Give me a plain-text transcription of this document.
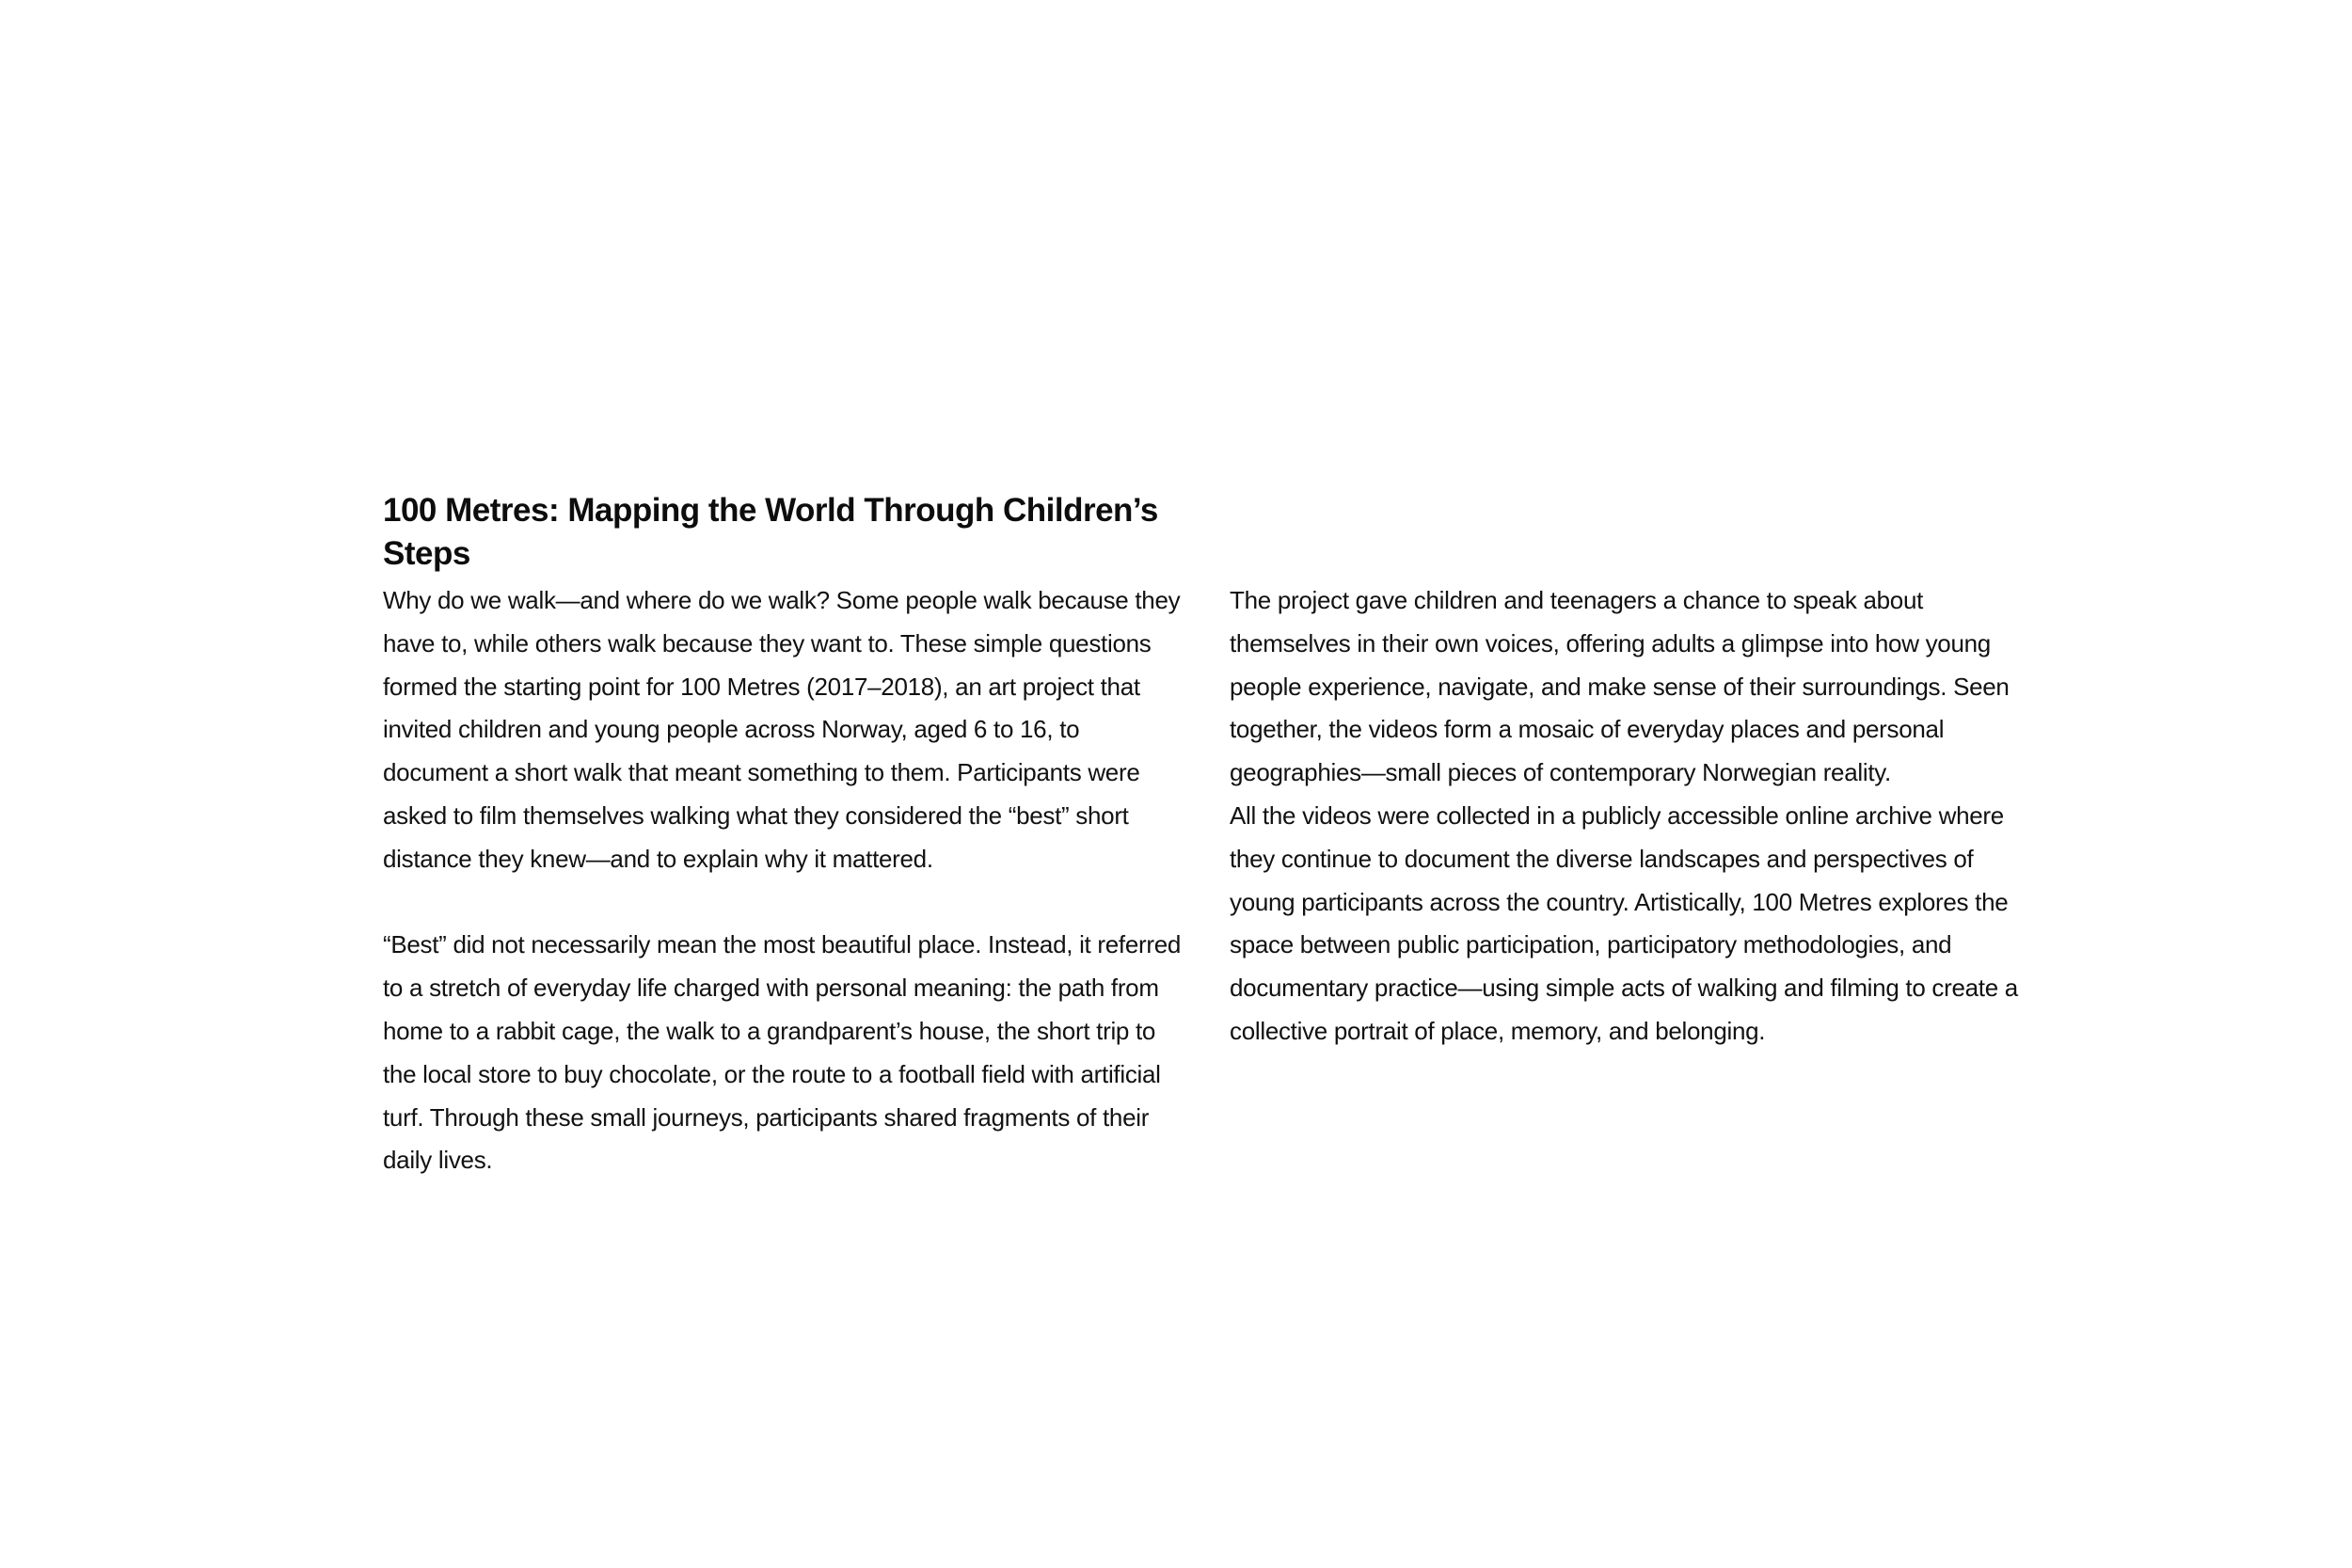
100 Metres: Mapping the World Through Children’s Steps

Why do we walk—and where do we walk? Some people walk because they have to, while others walk because they want to. These simple questions formed the starting point for 100 Metres (2017–2018), an art project that invited children and young people across Norway, aged 6 to 16, to document a short walk that meant something to them. Participants were asked to film themselves walking what they considered the “best” short distance they knew—and to explain why it mattered.

“Best” did not necessarily mean the most beautiful place. Instead, it referred to a stretch of everyday life charged with personal meaning: the path from home to a rabbit cage, the walk to a grandparent’s house, the short trip to the local store to buy chocolate, or the route to a football field with artificial turf. Through these small journeys, participants shared fragments of their daily lives.

The project gave children and teenagers a chance to speak about themselves in their own voices, offering adults a glimpse into how young people experience, navigate, and make sense of their surroundings. Seen together, the videos form a mosaic of everyday places and personal geographies—small pieces of contemporary Norwegian reality.

All the videos were collected in a publicly accessible online archive where they continue to document the diverse landscapes and perspectives of young participants across the country. Artistically, 100 Metres explores the space between public participation, participatory methodologies, and documentary practice—using simple acts of walking and filming to create a collective portrait of place, memory, and belonging.
